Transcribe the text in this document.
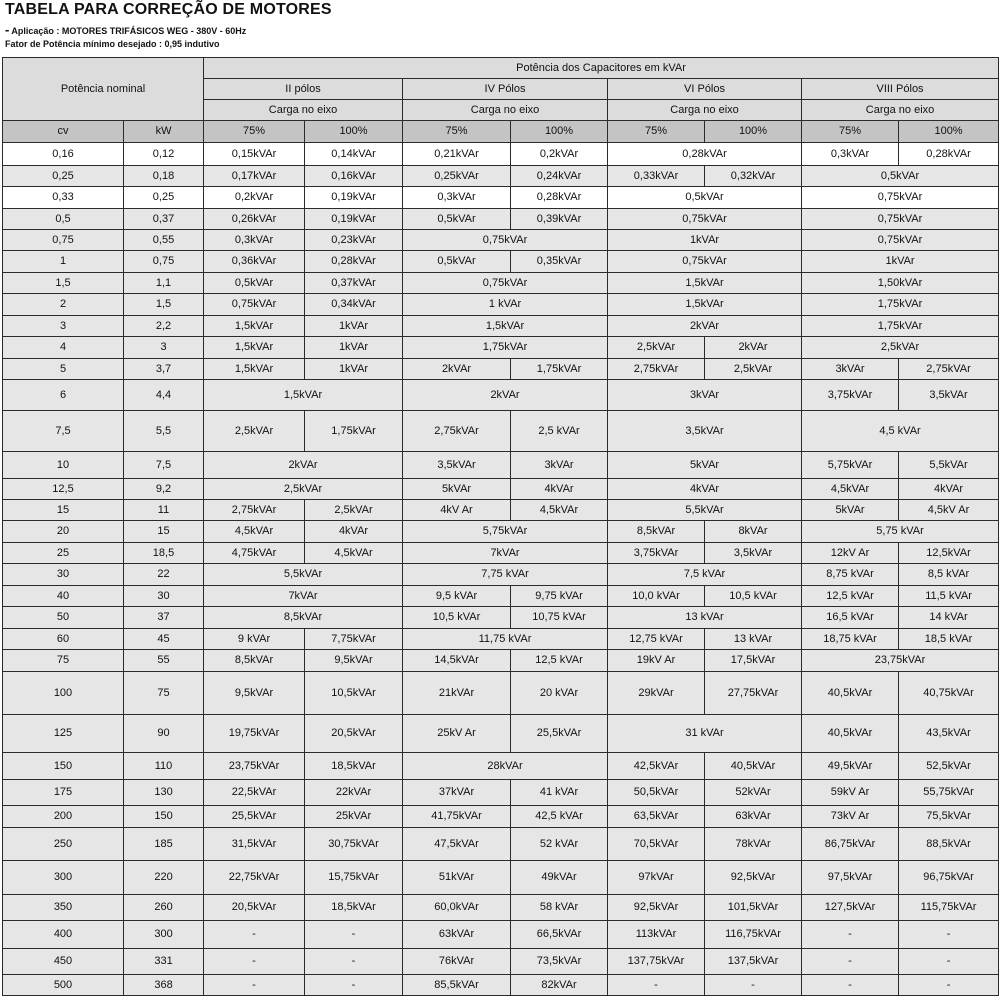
TABELA PARA CORREÇÃO DE MOTORES
- Aplicação : MOTORES TRIFÁSICOS WEG - 380V - 60Hz
Fator de Potência mínimo desejado : 0,95 indutivo
Potência nominal		Potência dos Capacitores em kVAr							
		II pólos		IV Pólos		VI Pólos		VIII Pólos	
		Carga no eixo		Carga no eixo		Carga no eixo		Carga no eixo	
cv	kW	75%	100%	75%	100%	75%	100%	75%	100%
0,16	0,12	0,15kVAr	0,14kVAr	0,21kVAr	0,2kVAr	0,28kVAr		0,3kVAr	0,28kVAr
0,25	0,18	0,17kVAr	0,16kVAr	0,25kVAr	0,24kVAr	0,33kVAr	0,32kVAr	0,5kVAr	
0,33	0,25	0,2kVAr	0,19kVAr	0,3kVAr	0,28kVAr	0,5kVAr		0,75kVAr	
0,5	0,37	0,26kVAr	0,19kVAr	0,5kVAr	0,39kVAr	0,75kVAr		0,75kVAr	
0,75	0,55	0,3kVAr	0,23kVAr	0,75kVAr		1kVAr		0,75kVAr	
1	0,75	0,36kVAr	0,28kVAr	0,5kVAr	0,35kVAr	0,75kVAr		1kVAr	
1,5	1,1	0,5kVAr	0,37kVAr	0,75kVAr		1,5kVAr		1,50kVAr	
2	1,5	0,75kVAr	0,34kVAr	1 kVAr		1,5kVAr		1,75kVAr	
3	2,2	1,5kVAr	1kVAr	1,5kVAr		2kVAr		1,75kVAr	
4	3	1,5kVAr	1kVAr	1,75kVAr		2,5kVAr	2kVAr	2,5kVAr	
5	3,7	1,5kVAr	1kVAr	2kVAr	1,75kVAr	2,75kVAr	2,5kVAr	3kVAr	2,75kVAr
6	4,4	1,5kVAr		2kVAr		3kVAr		3,75kVAr	3,5kVAr
7,5	5,5	2,5kVAr	1,75kVAr	2,75kVAr	2,5 kVAr	3,5kVAr		4,5 kVAr	
10	7,5	2kVAr		3,5kVAr	3kVAr	5kVAr		5,75kVAr	5,5kVAr
12,5	9,2	2,5kVAr		5kVAr	4kVAr	4kVAr		4,5kVAr	4kVAr
15	11	2,75kVAr	2,5kVAr	4kV Ar	4,5kVAr	5,5kVAr		5kVAr	4,5kV Ar
20	15	4,5kVAr	4kVAr	5,75kVAr		8,5kVAr	8kVAr	5,75 kVAr	
25	18,5	4,75kVAr	4,5kVAr	7kVAr		3,75kVAr	3,5kVAr	12kV Ar	12,5kVAr
30	22	5,5kVAr		7,75 kVAr		7,5 kVAr		8,75 kVAr	8,5 kVAr
40	30	7kVAr		9,5 kVAr	9,75 kVAr	10,0 kVAr	10,5 kVAr	12,5 kVAr	11,5 kVAr
50	37	8,5kVAr		10,5 kVAr	10,75 kVAr	13 kVAr		16,5 kVAr	14 kVAr
60	45	9 kVAr	7,75kVAr	11,75 kVAr		12,75 kVAr	13 kVAr	18,75 kVAr	18,5 kVAr
75	55	8,5kVAr	9,5kVAr	14,5kVAr	12,5 kVAr	19kV Ar	17,5kVAr	23,75kVAr	
100	75	9,5kVAr	10,5kVAr	21kVAr	20 kVAr	29kVAr	27,75kVAr	40,5kVAr	40,75kVAr
125	90	19,75kVAr	20,5kVAr	25kV Ar	25,5kVAr	31 kVAr		40,5kVAr	43,5kVAr
150	110	23,75kVAr	18,5kVAr	28kVAr		42,5kVAr	40,5kVAr	49,5kVAr	52,5kVAr
175	130	22,5kVAr	22kVAr	37kVAr	41 kVAr	50,5kVAr	52kVAr	59kV Ar	55,75kVAr
200	150	25,5kVAr	25kVAr	41,75kVAr	42,5 kVAr	63,5kVAr	63kVAr	73kV Ar	75,5kVAr
250	185	31,5kVAr	30,75kVAr	47,5kVAr	52 kVAr	70,5kVAr	78kVAr	86,75kVAr	88,5kVAr
300	220	22,75kVAr	15,75kVAr	51kVAr	49kVAr	97kVAr	92,5kVAr	97,5kVAr	96,75kVAr
350	260	20,5kVAr	18,5kVAr	60,0kVAr	58 kVAr	92,5kVAr	101,5kVAr	127,5kVAr	115,75kVAr
400	300	-	-	63kVAr	66,5kVAr	113kVAr	116,75kVAr	-	-
450	331	-	-	76kVAr	73,5kVAr	137,75kVAr	137,5kVAr	-	-
500	368	-	-	85,5kVAr	82kVAr	-	-	-	-
